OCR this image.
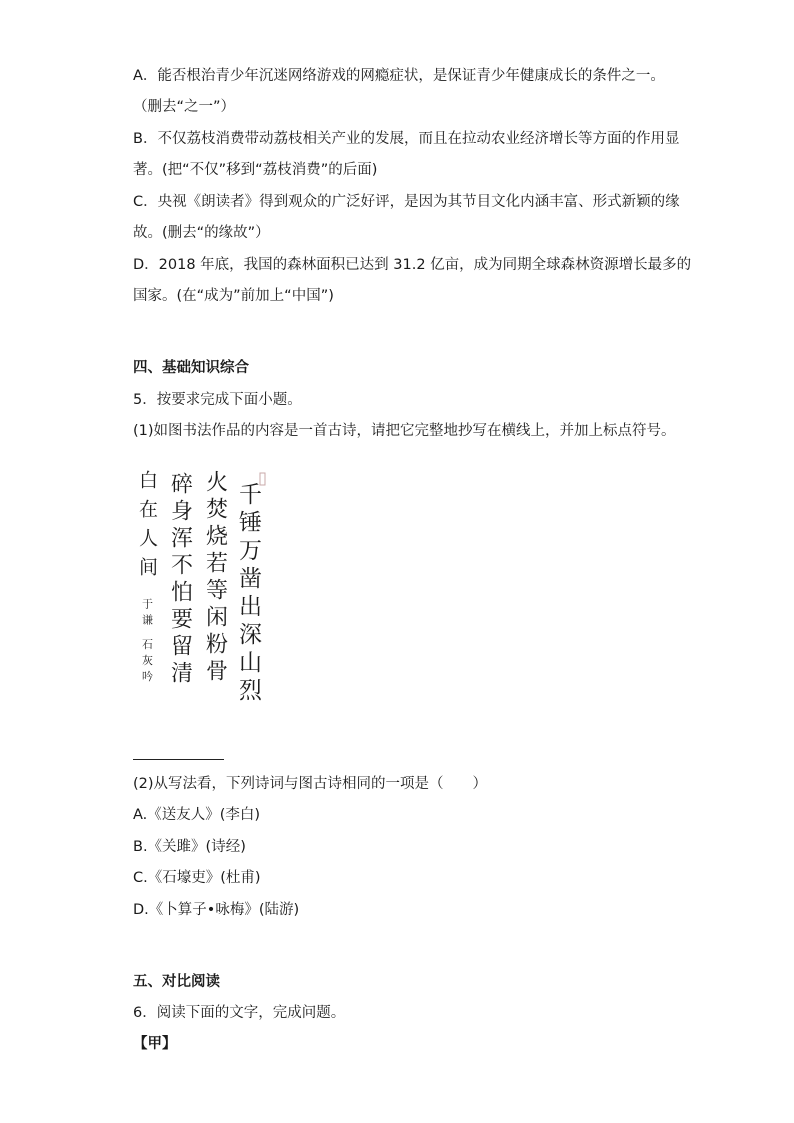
A．能否根治青少年沉迷网络游戏的网瘾症状，是保证青少年健康成长的条件之一。
（删去“之一”）
B．不仅荔枝消费带动荔枝相关产业的发展，而且在拉动农业经济增长等方面的作用显
著。(把“不仅”移到“荔枝消费”的后面)
C．央视《朗读者》得到观众的广泛好评，是因为其节目文化内涵丰富、形式新颖的缘
故。(删去“的缘故”）
D．2018 年底，我国的森林面积已达到 31.2 亿亩，成为同期全球森林资源增长最多的
国家。(在“成为”前加上“中国”)
四、基础知识综合
5．按要求完成下面小题。
(1)如图书法作品的内容是一首古诗，请把它完整地抄写在横线上，并加上标点符号。
千锤万凿出深山烈
火焚烧若等闲粉骨
碎身浑不怕要留清
白在人间
于谦 石灰吟
(2)从写法看，下列诗词与图古诗相同的一项是（　　）
A.《送友人》(李白)
B.《关雎》(诗经)
C.《石壕吏》(杜甫)
D.《卜算子•咏梅》(陆游)
五、对比阅读
6．阅读下面的文字，完成问题。
【甲】
